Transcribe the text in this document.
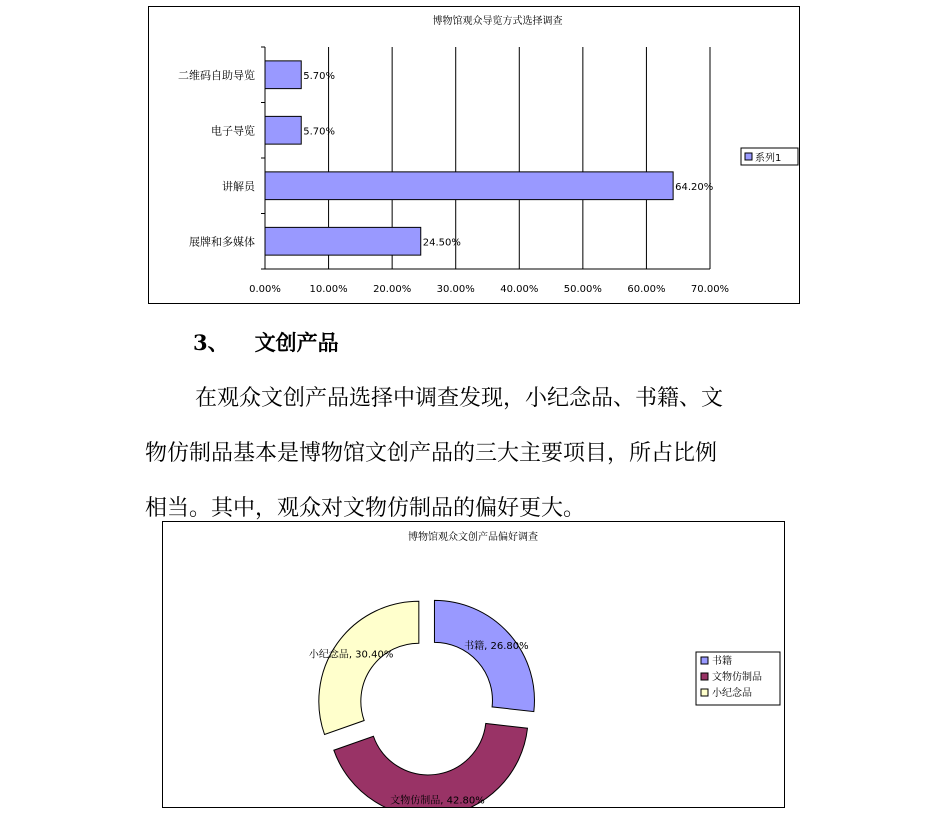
博物馆观众导览方式选择调查
0.00%	10.00%	20.00%	30.00%	40.00%	50.00%	60.00%	70.00%
二维码自助导览	5.70%
电子导览	5.70%
讲解员	64.20%
展牌和多媒体	24.50%
系列1
3、 文创产品
在观众文创产品选择中调查发现，小纪念品、书籍、文
物仿制品基本是博物馆文创产品的三大主要项目，所占比例
相当。其中，观众对文物仿制品的偏好更大。
博物馆观众文创产品偏好调查
书籍, 26.80%
文物仿制品, 42.80%
小纪念品, 30.40%
书籍
文物仿制品
小纪念品
